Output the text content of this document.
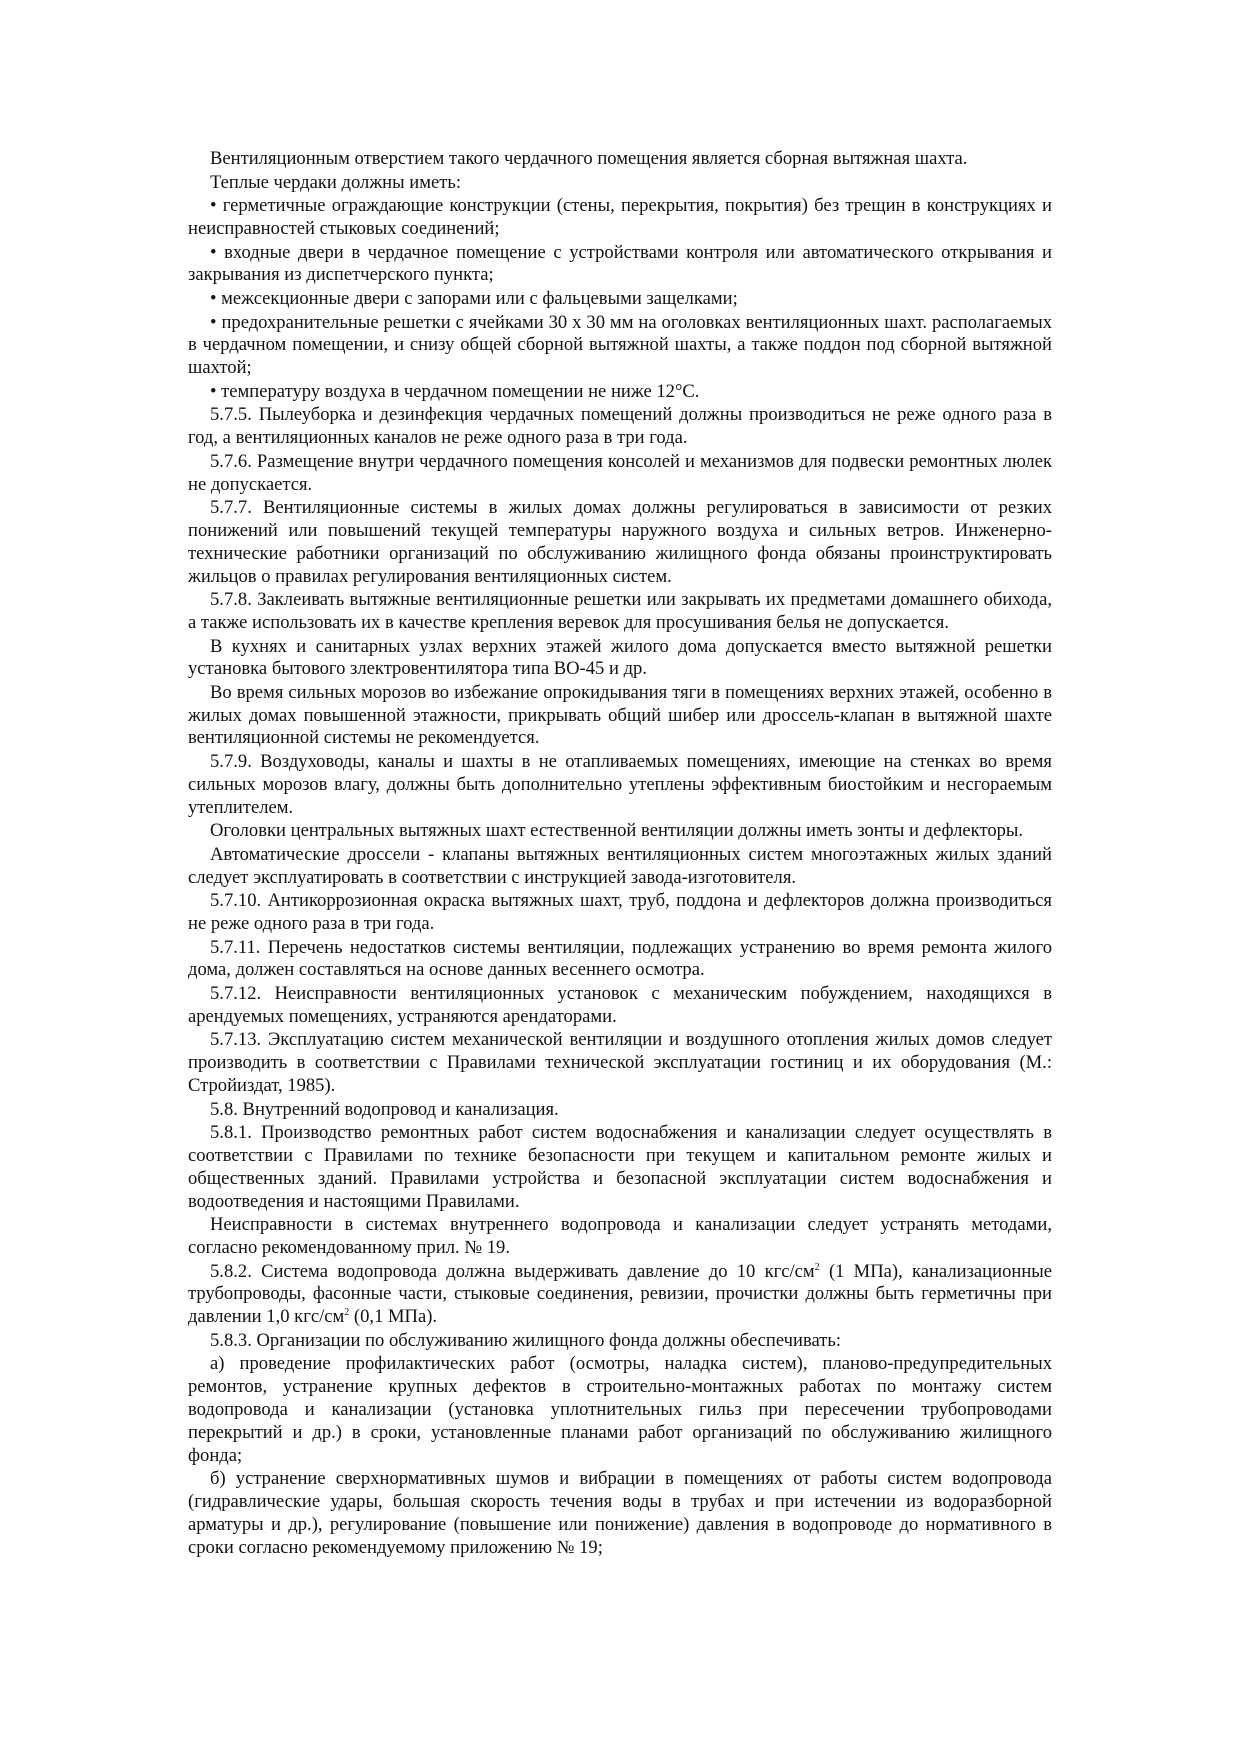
Вентиляционным отверстием такого чердачного помещения является сборная вытяжная шахта.

Теплые чердаки должны иметь:

• герметичные ограждающие конструкции (стены, перекрытия, покрытия) без трещин в конструкциях и неисправностей стыковых соединений;

• входные двери в чердачное помещение с устройствами контроля или автоматического открывания и закрывания из диспетчерского пункта;

• межсекционные двери с запорами или с фальцевыми защелками;

• предохранительные решетки с ячейками 30 х 30 мм на оголовках вентиляционных шахт. располагаемых в чердачном помещении, и снизу общей сборной вытяжной шахты, а также поддон под сборной вытяжной шахтой;

• температуру воздуха в чердачном помещении не ниже 12°С.

5.7.5. Пылеуборка и дезинфекция чердачных помещений должны производиться не реже одного раза в год, а вентиляционных каналов не реже одного раза в три года.

5.7.6. Размещение внутри чердачного помещения консолей и механизмов для подвески ремонтных люлек не допускается.

5.7.7. Вентиляционные системы в жилых домах должны регулироваться в зависимости от резких понижений или повышений текущей температуры наружного воздуха и сильных ветров. Инженерно-технические работники организаций по обслуживанию жилищного фонда обязаны проинструктировать жильцов о правилах регулирования вентиляционных систем.

5.7.8. Заклеивать вытяжные вентиляционные решетки или закрывать их предметами домашнего обихода, а также использовать их в качестве крепления веревок для просушивания белья не допускается.

В кухнях и санитарных узлах верхних этажей жилого дома допускается вместо вытяжной решетки установка бытового злектровентилятора типа ВО-45 и др.

Во время сильных морозов во избежание опрокидывания тяги в помещениях верхних этажей, особенно в жилых домах повышенной этажности, прикрывать общий шибер или дроссель-клапан в вытяжной шахте вентиляционной системы не рекомендуется.

5.7.9. Воздуховоды, каналы и шахты в не отапливаемых помещениях, имеющие на стенках во время сильных морозов влагу, должны быть дополнительно утеплены эффективным биостойким и несгораемым утеплителем.

Оголовки центральных вытяжных шахт естественной вентиляции должны иметь зонты и дефлекторы.

Автоматические дроссели - клапаны вытяжных вентиляционных систем многоэтажных жилых зданий следует эксплуатировать в соответствии с инструкцией завода-изготовителя.

5.7.10. Антикоррозионная окраска вытяжных шахт, труб, поддона и дефлекторов должна производиться не реже одного раза в три года.

5.7.11. Перечень недостатков системы вентиляции, подлежащих устранению во время ремонта жилого дома, должен составляться на основе данных весеннего осмотра.

5.7.12. Неисправности вентиляционных установок с механическим побуждением, находящихся в арендуемых помещениях, устраняются арендаторами.

5.7.13. Эксплуатацию систем механической вентиляции и воздушного отопления жилых домов следует производить в соответствии с Правилами технической эксплуатации гостиниц и их оборудования (М.: Стройиздат, 1985).

5.8. Внутренний водопровод и канализация.

5.8.1. Производство ремонтных работ систем водоснабжения и канализации следует осуществлять в соответствии с Правилами по технике безопасности при текущем и капитальном ремонте жилых и общественных зданий. Правилами устройства и безопасной эксплуатации систем водоснабжения и водоотведения и настоящими Правилами.

Неисправности в системах внутреннего водопровода и канализации следует устранять методами, согласно рекомендованному прил. № 19.

5.8.2. Система водопровода должна выдерживать давление до 10 кгс/$см^2$ (1 МПа), канализационные трубопроводы, фасонные части, стыковые соединения, ревизии, прочистки должны быть герметичны при давлении 1,0 кгс/$см^2$ (0,1 МПа).

5.8.3. Организации по обслуживанию жилищного фонда должны обеспечивать:

а) проведение профилактических работ (осмотры, наладка систем), планово-предупредительных ремонтов, устранение крупных дефектов в строительно-монтажных работах по монтажу систем водопровода и канализации (установка уплотнительных гильз при пересечении трубопроводами перекрытий и др.) в сроки, установленные планами работ организаций по обслуживанию жилищного фонда;

б) устранение сверхнормативных шумов и вибрации в помещениях от работы систем водопровода (гидравлические удары, большая скорость течения воды в трубах и при истечении из водоразборной арматуры и др.), регулирование (повышение или понижение) давления в водопроводе до нормативного в сроки согласно рекомендуемому приложению № 19;
